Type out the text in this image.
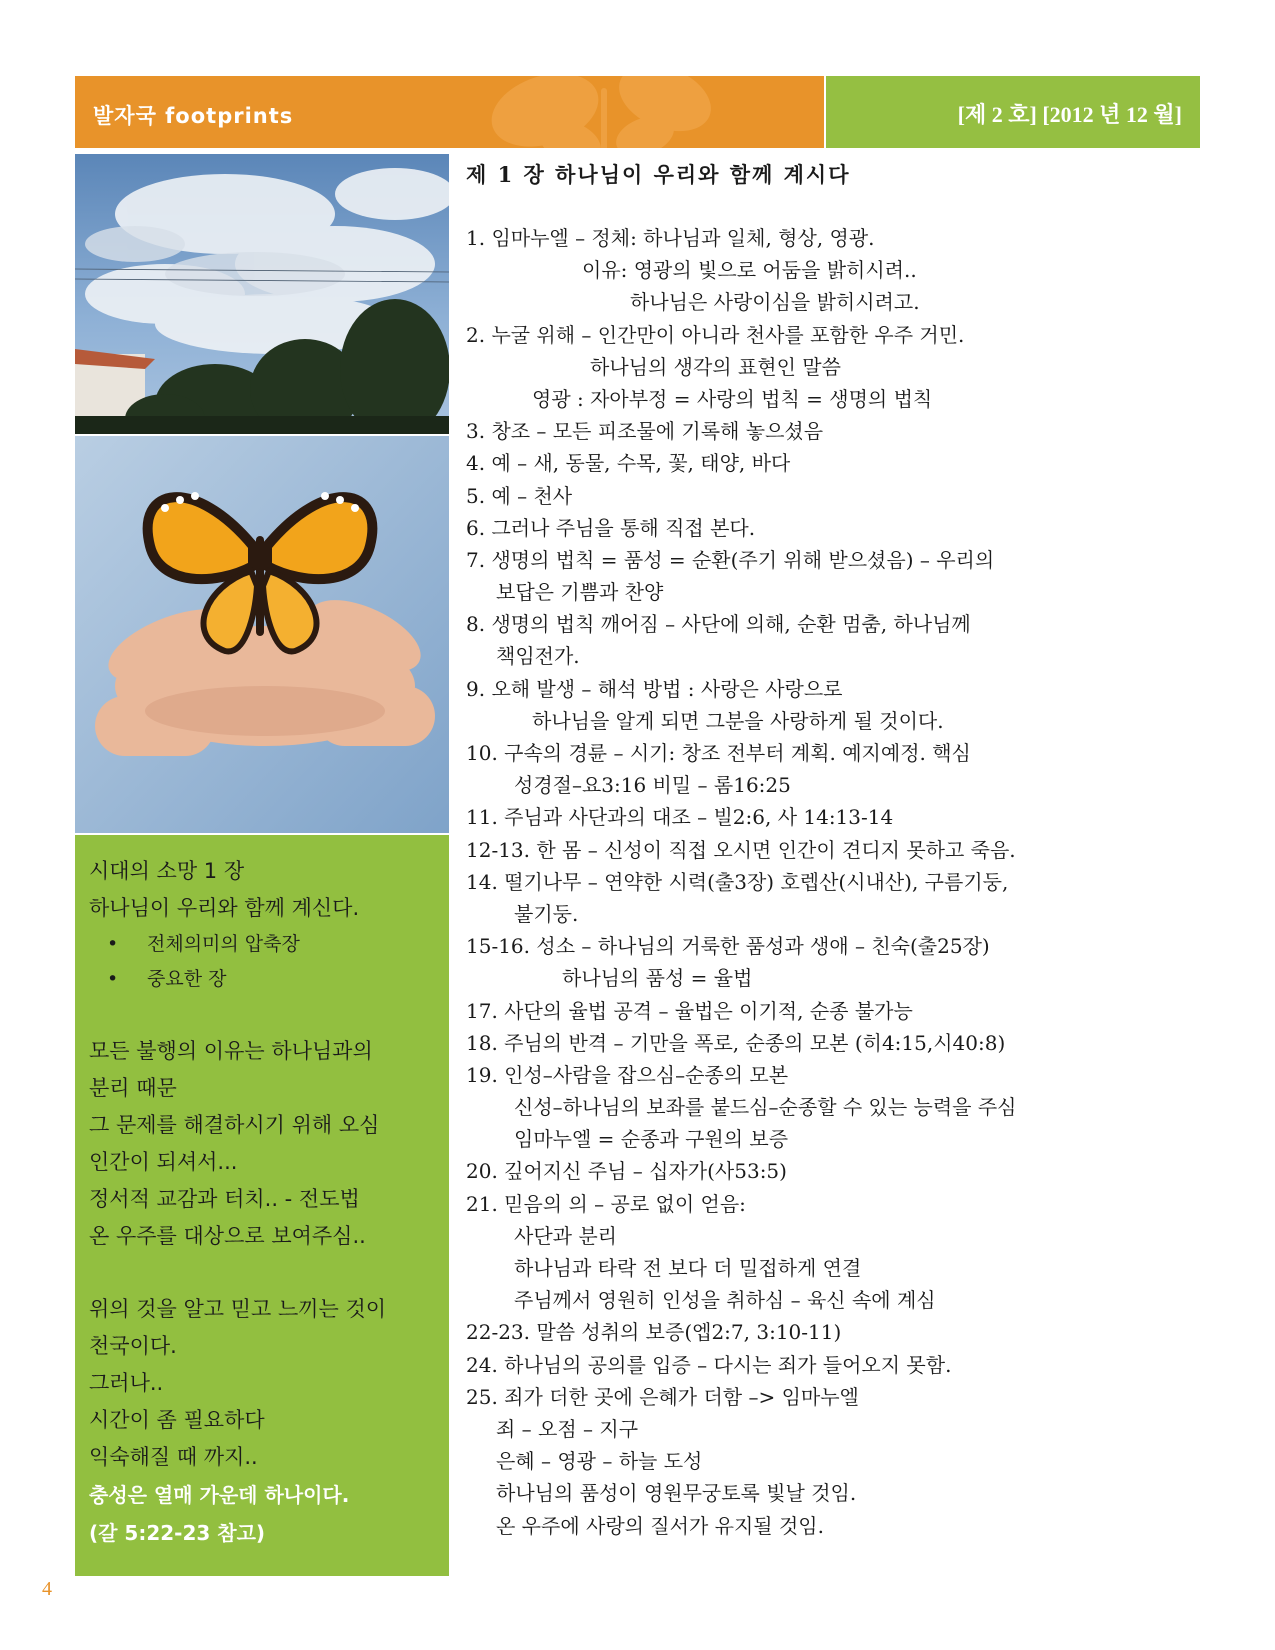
발자국 footprints	[제 2 호] [2012 년 12 월]
시대의 소망 1 장
하나님이 우리와 함께 계신다.
• 전체의미의 압축장
• 중요한 장
모든 불행의 이유는 하나님과의
분리 때문
그 문제를 해결하시기 위해 오심
인간이 되셔서...
정서적 교감과 터치.. - 전도법
온 우주를 대상으로 보여주심..
위의 것을 알고 믿고 느끼는 것이
천국이다.
그러나..
시간이 좀 필요하다
익숙해질 때 까지..
충성은 열매 가운데 하나이다.
(갈 5:22-23 참고)
제 1 장 하나님이 우리와 함께 계시다
1. 임마누엘 – 정체: 하나님과 일체, 형상, 영광.
이유: 영광의 빛으로 어둠을 밝히시려..
하나님은 사랑이심을 밝히시려고.
2. 누굴 위해 – 인간만이 아니라 천사를 포함한 우주 거민.
하나님의 생각의 표현인 말씀
영광 : 자아부정 = 사랑의 법칙 = 생명의 법칙
3. 창조 – 모든 피조물에 기록해 놓으셨음
4. 예 – 새, 동물, 수목, 꽃, 태양, 바다
5. 예 – 천사
6. 그러나 주님을 통해 직접 본다.
7. 생명의 법칙 = 품성 = 순환(주기 위해 받으셨음) – 우리의
보답은 기쁨과 찬양
8. 생명의 법칙 깨어짐 – 사단에 의해, 순환 멈춤, 하나님께
책임전가.
9. 오해 발생 – 해석 방법 : 사랑은 사랑으로
하나님을 알게 되면 그분을 사랑하게 될 것이다.
10. 구속의 경륜 – 시기: 창조 전부터 계획. 예지예정. 핵심
성경절–요3:16 비밀 – 롬16:25
11. 주님과 사단과의 대조 – 빌2:6, 사 14:13-14
12-13. 한 몸 – 신성이 직접 오시면 인간이 견디지 못하고 죽음.
14. 떨기나무 – 연약한 시력(출3장) 호렙산(시내산), 구름기둥,
불기둥.
15-16. 성소 – 하나님의 거룩한 품성과 생애 – 친숙(출25장)
하나님의 품성 = 율법
17. 사단의 율법 공격 – 율법은 이기적, 순종 불가능
18. 주님의 반격 – 기만을 폭로, 순종의 모본 (히4:15,시40:8)
19. 인성–사람을 잡으심–순종의 모본
신성–하나님의 보좌를 붙드심–순종할 수 있는 능력을 주심
임마누엘 = 순종과 구원의 보증
20. 깊어지신 주님 – 십자가(사53:5)
21. 믿음의 의 – 공로 없이 얻음:
사단과 분리
하나님과 타락 전 보다 더 밀접하게 연결
주님께서 영원히 인성을 취하심 – 육신 속에 계심
22-23. 말씀 성취의 보증(엡2:7, 3:10-11)
24. 하나님의 공의를 입증 – 다시는 죄가 들어오지 못함.
25. 죄가 더한 곳에 은혜가 더함 –> 임마누엘
죄 – 오점 – 지구
은혜 – 영광 – 하늘 도성
하나님의 품성이 영원무궁토록 빛날 것임.
온 우주에 사랑의 질서가 유지될 것임.
4
